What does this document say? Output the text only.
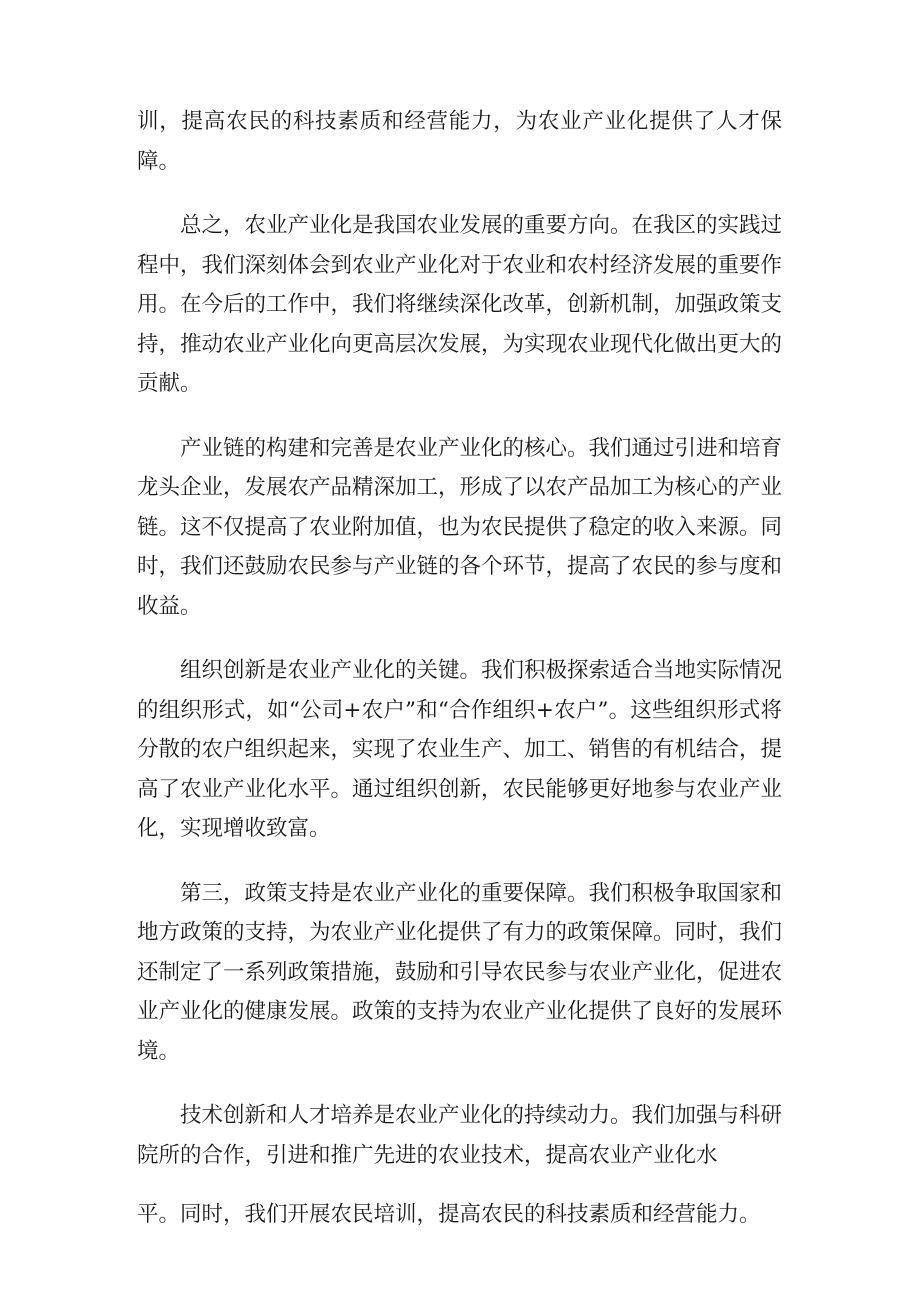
训，提高农民的科技素质和经营能力，为农业产业化提供了人才保障。

总之，农业产业化是我国农业发展的重要方向。在我区的实践过程中，我们深刻体会到农业产业化对于农业和农村经济发展的重要作用。在今后的工作中，我们将继续深化改革，创新机制，加强政策支持，推动农业产业化向更高层次发展，为实现农业现代化做出更大的贡献。

产业链的构建和完善是农业产业化的核心。我们通过引进和培育龙头企业，发展农产品精深加工，形成了以农产品加工为核心的产业链。这不仅提高了农业附加值，也为农民提供了稳定的收入来源。同时，我们还鼓励农民参与产业链的各个环节，提高了农民的参与度和收益。

组织创新是农业产业化的关键。我们积极探索适合当地实际情况的组织形式，如“公司+农户”和“合作组织+农户”。这些组织形式将分散的农户组织起来，实现了农业生产、加工、销售的有机结合，提高了农业产业化水平。通过组织创新，农民能够更好地参与农业产业化，实现增收致富。

第三，政策支持是农业产业化的重要保障。我们积极争取国家和地方政策的支持，为农业产业化提供了有力的政策保障。同时，我们还制定了一系列政策措施，鼓励和引导农民参与农业产业化，促进农业产业化的健康发展。政策的支持为农业产业化提供了良好的发展环境。

技术创新和人才培养是农业产业化的持续动力。我们加强与科研院所的合作，引进和推广先进的农业技术，提高农业产业化水

平。同时，我们开展农民培训，提高农民的科技素质和经营能力。
